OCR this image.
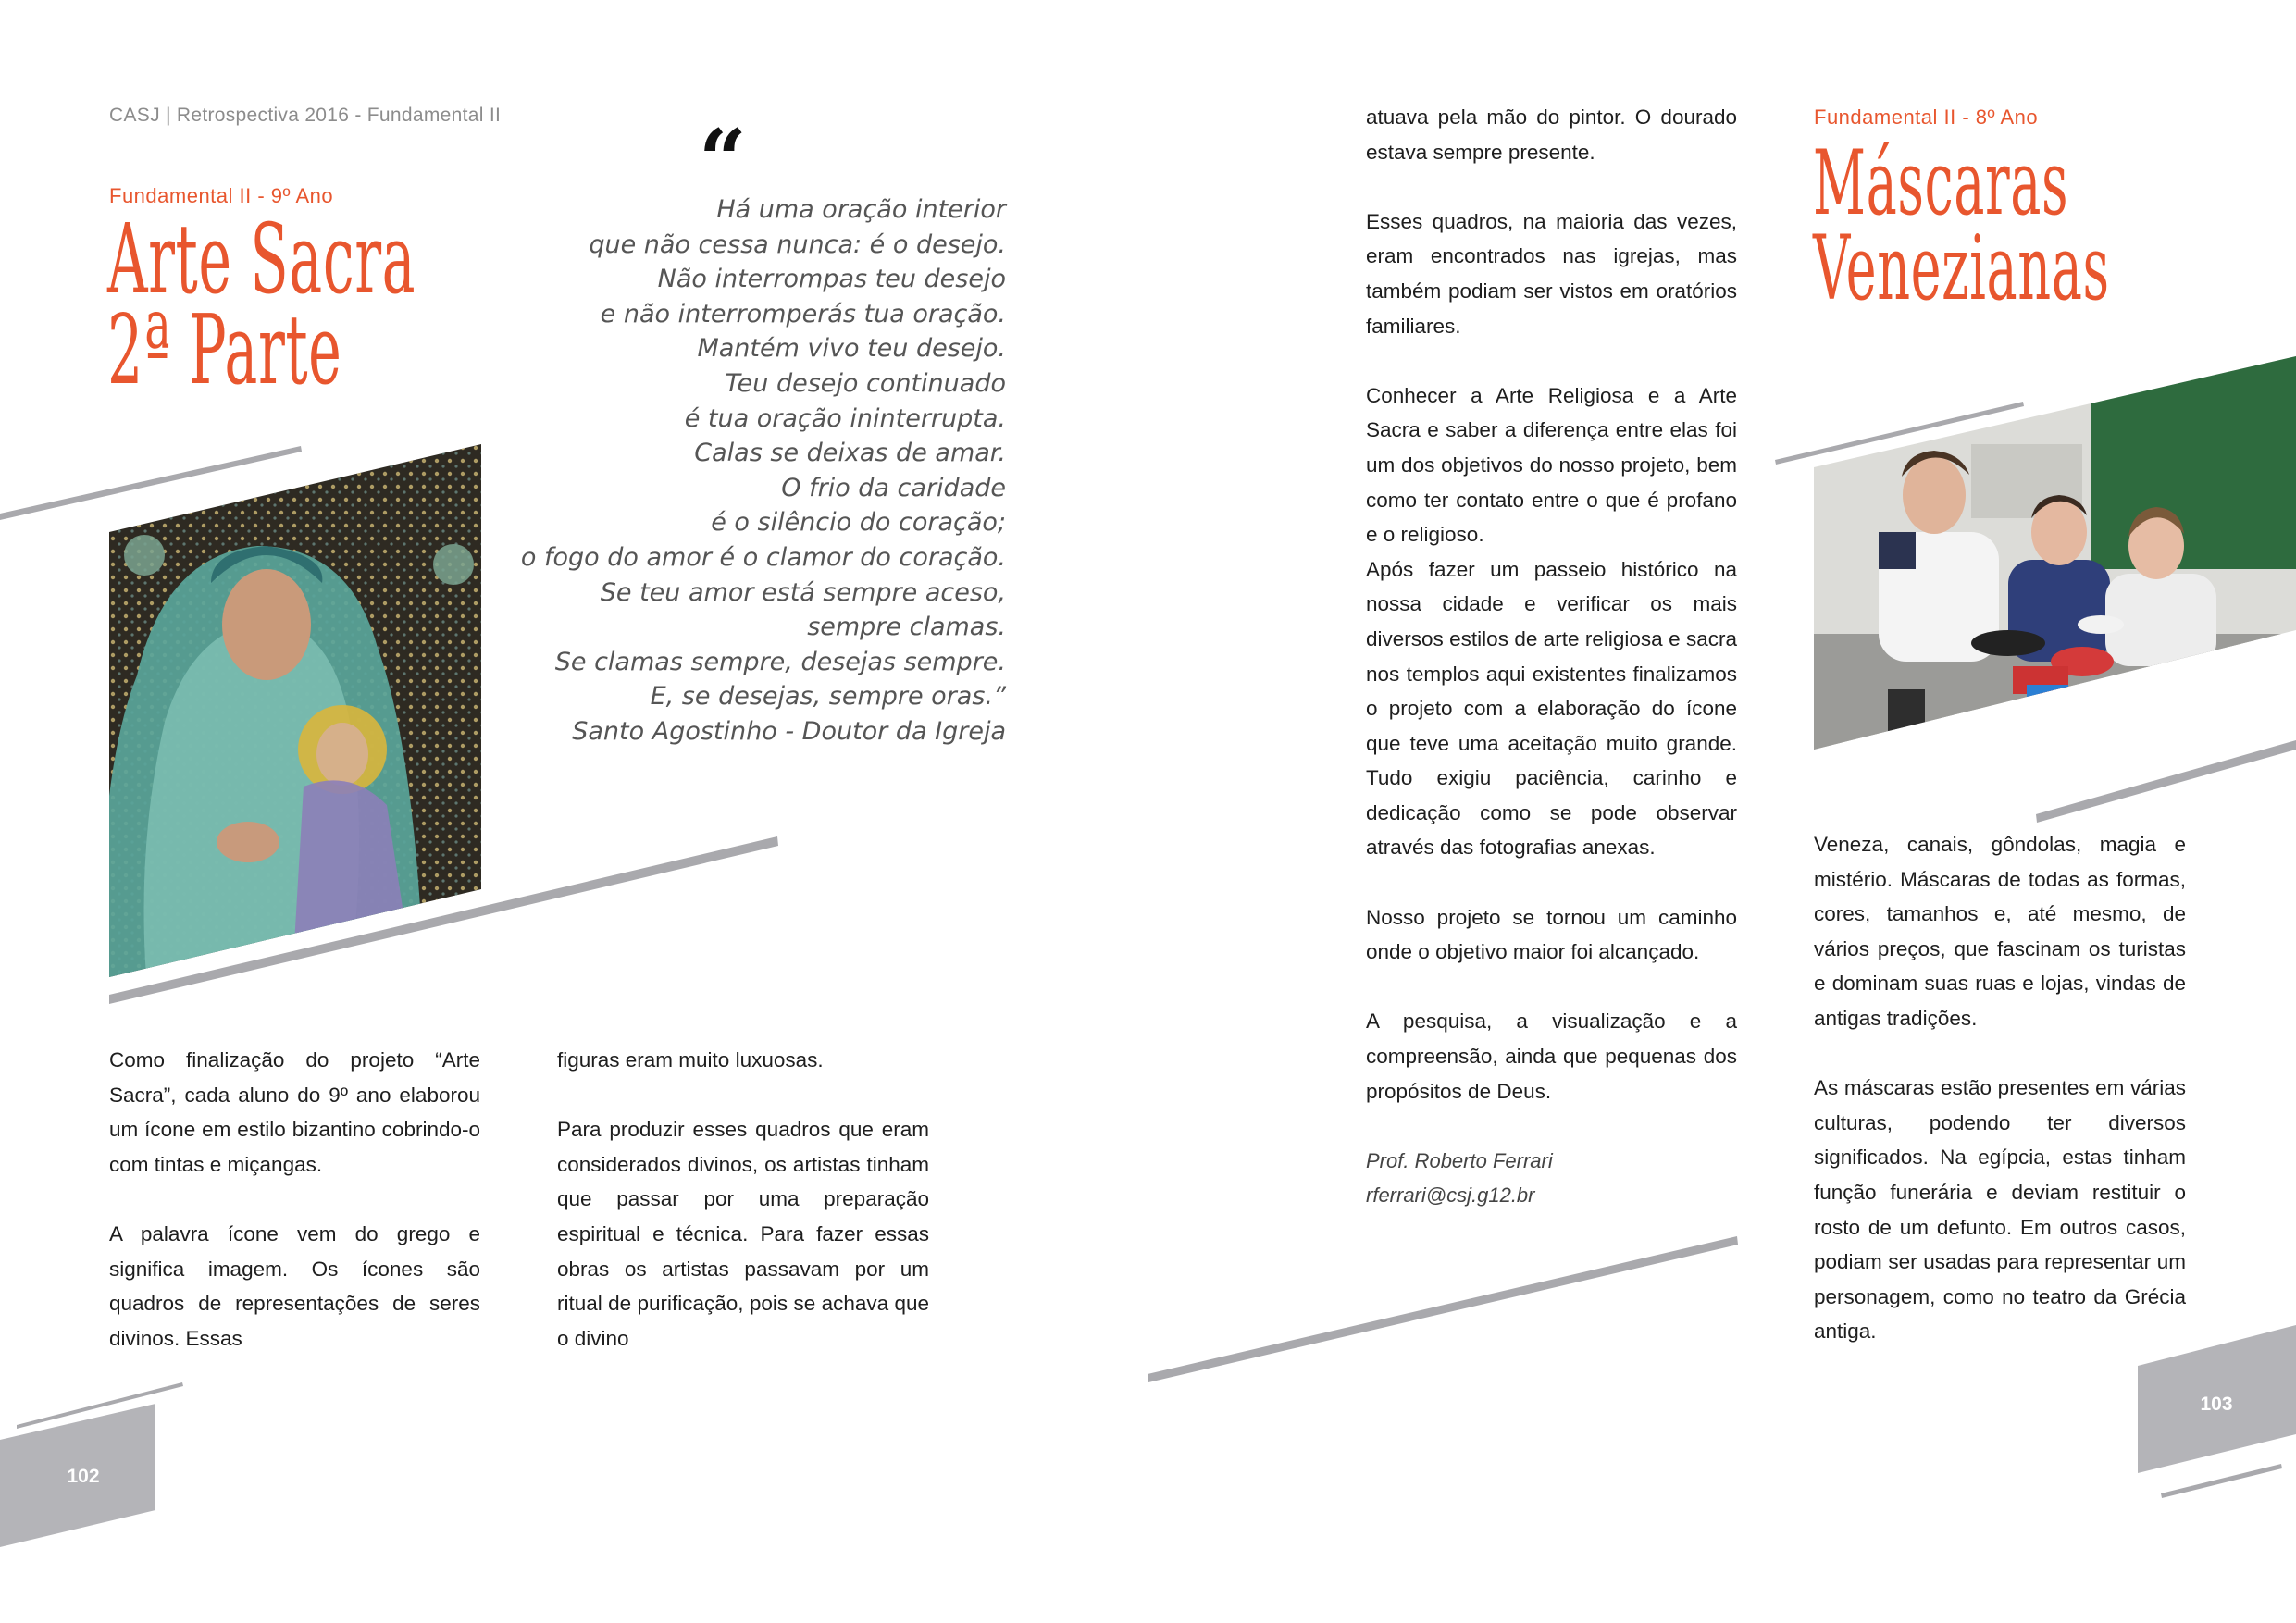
CASJ | Retrospectiva 2016 - Fundamental II
Fundamental II - 9º Ano
Arte Sacra
2ª Parte
“
Há uma oração interior
que não cessa nunca: é o desejo.
Não interrompas teu desejo
e não interromperás tua oração.
Mantém vivo teu desejo.
Teu desejo continuado
é tua oração ininterrupta.
Calas se deixas de amar.
O frio da caridade
é o silêncio do coração;
o fogo do amor é o clamor do coração.
Se teu amor está sempre aceso,
sempre clamas.
Se clamas sempre, desejas sempre.
E, se desejas, sempre oras.”
Santo Agostinho - Doutor da Igreja

Como finalização do projeto “Arte Sacra”, cada aluno do 9º ano elaborou um ícone em estilo bizantino cobrindo-o com tintas e miçangas.

A palavra ícone vem do grego e significa imagem. Os ícones são quadros de representações de seres divinos. Essas

figuras eram muito luxuosas.

Para produzir esses quadros que eram considerados divinos, os artistas tinham que passar por uma preparação espiritual e técnica. Para fazer essas obras os artistas passavam por um ritual de purificação, pois se achava que o divino

102

atuava pela mão do pintor. O dourado estava sempre presente.

Esses quadros, na maioria das vezes, eram encontrados nas igrejas, mas também podiam ser vistos em oratórios familiares.

Conhecer a Arte Religiosa e a Arte Sacra e saber a diferença entre elas foi um dos objetivos do nosso projeto, bem como ter contato entre o que é profano e o religioso.

Após fazer um passeio histórico na nossa cidade e verificar os mais diversos estilos de arte religiosa e sacra nos templos aqui existentes finalizamos o projeto com a elaboração do ícone que teve uma aceitação muito grande. Tudo exigiu paciência, carinho e dedicação como se pode observar através das fotografias anexas.

Nosso projeto se tornou um caminho onde o objetivo maior foi alcançado.

A pesquisa, a visualização e a compreensão, ainda que pequenas dos propósitos de Deus.

Prof. Roberto Ferrari
rferrari@csj.g12.br
Fundamental II - 8º Ano
Máscaras
Venezianas

Veneza, canais, gôndolas, magia e mistério. Máscaras de todas as formas, cores, tamanhos e, até mesmo, de vários preços, que fascinam os turistas e dominam suas ruas e lojas, vindas de antigas tradições.

As máscaras estão presentes em várias culturas, podendo ter diversos significados. Na egípcia, estas tinham função funerária e deviam restituir o rosto de um defunto. Em outros casos, podiam ser usadas para representar um personagem, como no teatro da Grécia antiga.

103
